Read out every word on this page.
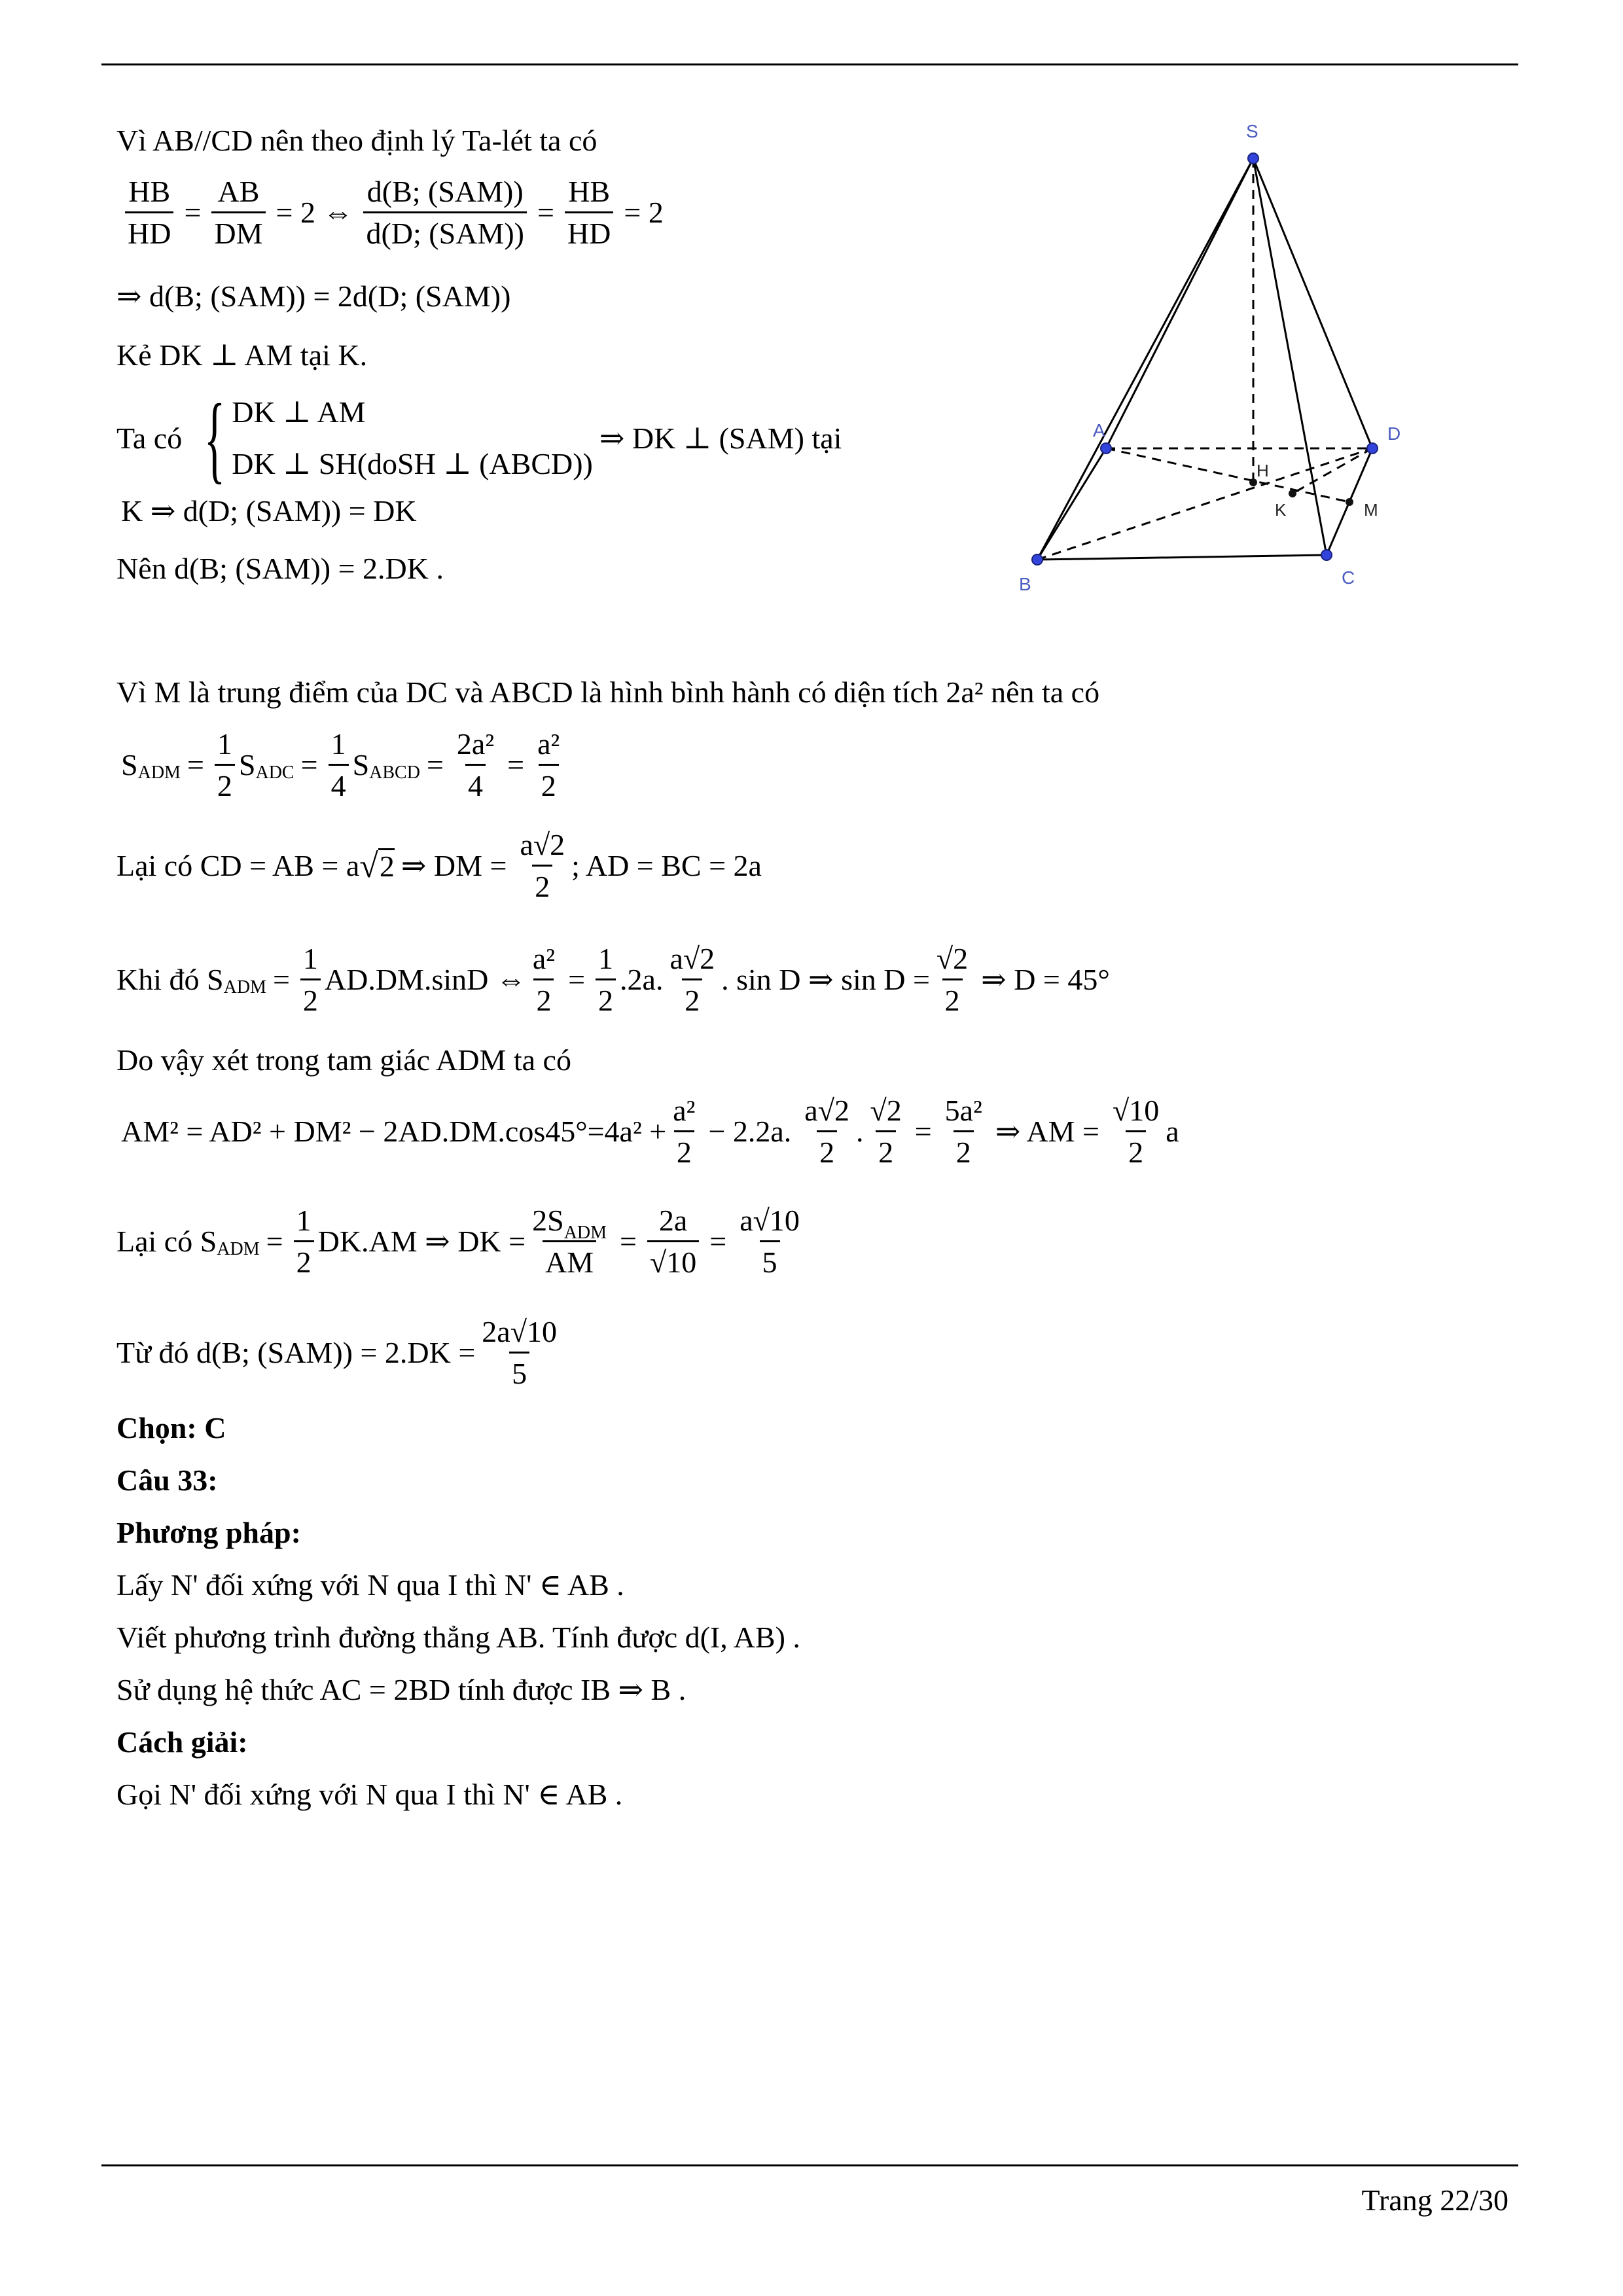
Vì AB//CD nên theo định lý Ta-lét ta có
$\frac{HB}{HD} = \frac{AB}{DM} = 2$ ⇔ $\frac{\text{d(B; (SAM))}}{\text{d(D; (SAM))}} = \frac{HB}{HD} = 2$
⇒ d(B; (SAM)) = 2d(D; (SAM))
Kẻ DK ⊥ AM tại K.
Ta có { DK ⊥ AM
DK ⊥ SH(doSH ⊥ (ABCD))
⇒ DK ⊥ (SAM) tại
K ⇒ d(D; (SAM)) = DK
Nên d(B; (SAM)) = 2.DK .
S
A	D
B	C
H
K	M
Vì M là trung điểm của DC và ABCD là hình bình hành có diện tích 2a² nên ta có
S ADM = $\frac{1}{2}$ S ADC = $\frac{1}{4}$ S ABCD = $\frac{\text{2a²}}{4} = \frac{\text{a²}}{2}$
Lại có CD = AB = a √ 2 ⇒ DM = $\frac{a√2}{2}$ ; AD = BC = 2a
Khi đó S ADM = $\frac{1}{2} AD.DM.\sin D$ ⇔ $\frac{\text{a²}}{2} = \frac{1}{2} .2a$. $\frac{a√2}{2}$ . sin D ⇒ $\sin D = \frac{√2}{2}$ ⇒ D = 45°
Do vậy xét trong tam giác ADM ta có
$AM^2 = AD^2 + DM^2 - 2AD.DM.\cos 45^\circ=4a^2 + \frac{\text{a²}}{2} - 2.2a$. $\frac{a√2}{2}$ . $\frac{√2}{2} = \frac{\text{5a²}}{2}$ ⇒ AM = $\frac{√10}{2}$ a
Lại có S ADM = $\frac{1}{2} DK.AM$ ⇒ DK = $\frac{2S_{ADM}}{AM} = \frac{2a}{√10} = \frac{a√10}{5}$
Từ đó d(B; $(SAM)) = 2.DK = \frac{2a√10}{5}$
Chọn: C
Câu 33:
Phương pháp:
Lấy N' đối xứng với N qua I thì N' ∈ AB .
Viết phương trình đường thẳng AB. Tính được d(I, AB) .
Sử dụng hệ thức AC = 2BD tính được IB ⇒ B .
Cách giải:
Gọi N' đối xứng với N qua I thì N' ∈ AB .
Trang 22/30
